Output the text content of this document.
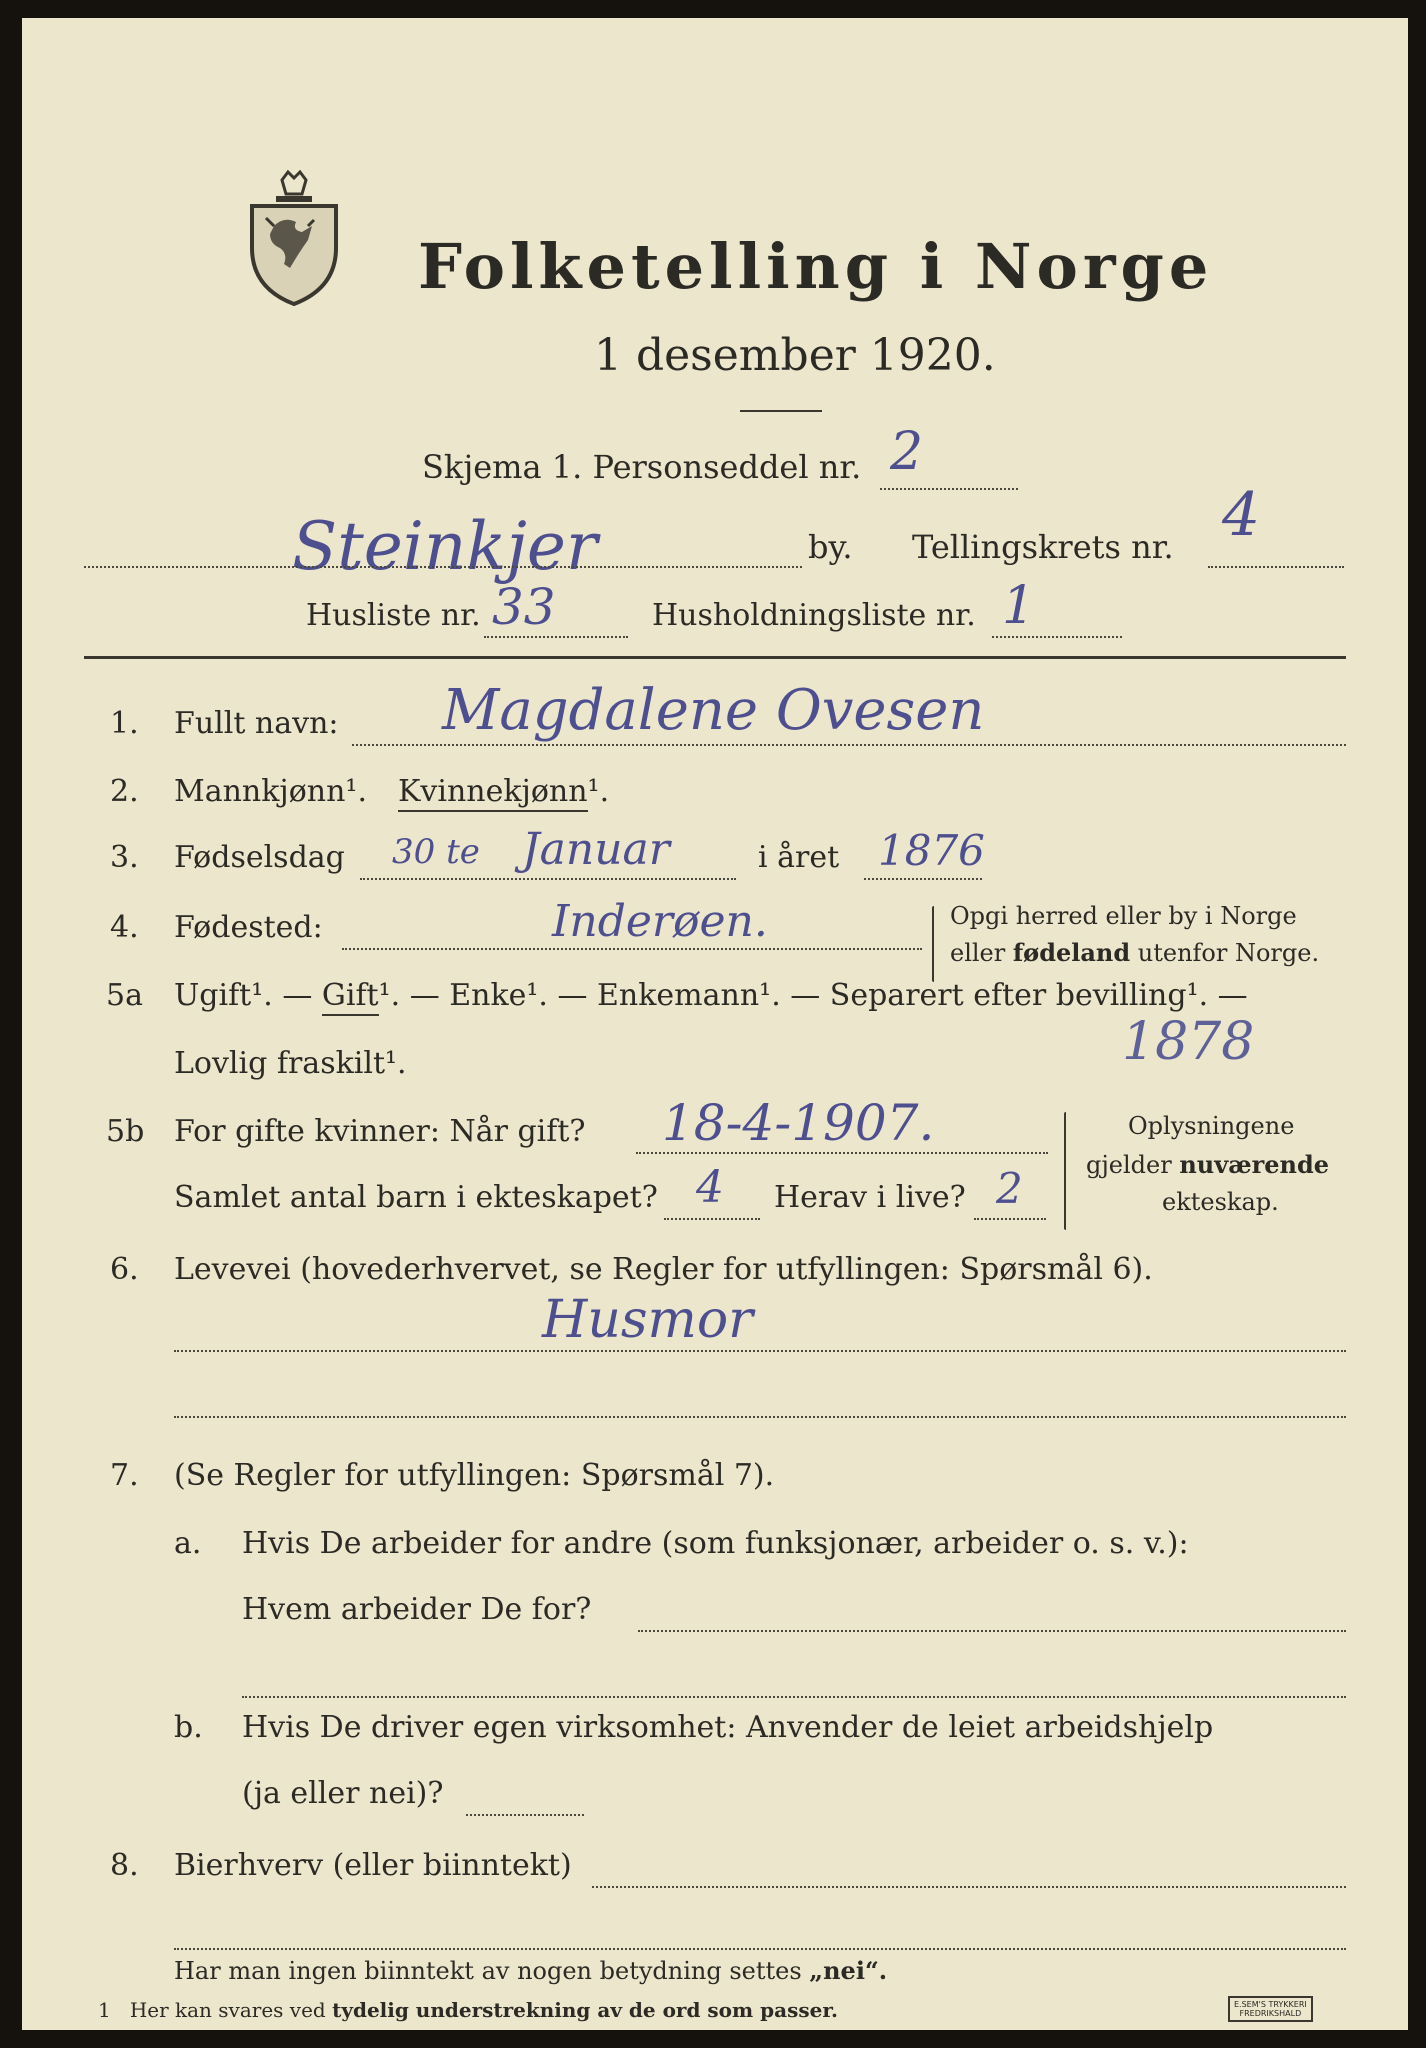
Folketelling i Norge
1 desember 1920.
Skjema 1. Personseddel nr. 2
Steinkjer	by. Tellingskrets nr. 4
Husliste nr. 33	Husholdningsliste nr. 1
1. Fullt navn: Magdalene Ovesen
2. Mannkjønn¹. Kvinnekjønn¹.
3. Fødselsdag 30 te Januar	i året 1876
4. Fødested:	Inderøen.	Opgi herred eller by i Norge
eller fødeland utenfor Norge.
5a Ugift¹. — Gift¹. — Enke¹. — Enkemann¹. — Separert efter bevilling¹. —
Lovlig fraskilt¹.	1878
5b For gifte kvinner: Når gift? 18-4-1907.
Samlet antal barn i ekteskapet? 4 Herav i live? 2
Oplysningene
gjelder nuværende
ekteskap.
6. Levevei (hovederhvervet, se Regler for utfyllingen: Spørsmål 6).
Husmor
7. (Se Regler for utfyllingen: Spørsmål 7).
a. Hvis De arbeider for andre (som funksjonær, arbeider o. s. v.):
Hvem arbeider De for?
b. Hvis De driver egen virksomhet: Anvender de leiet arbeidshjelp
(ja eller nei)?
8. Bierhverv (eller biinntekt)
Har man ingen biinntekt av nogen betydning settes „nei“.
1 Her kan svares ved tydelig understrekning av de ord som passer.	E.SEM'S TRYKKERI
FREDRIKSHALD
